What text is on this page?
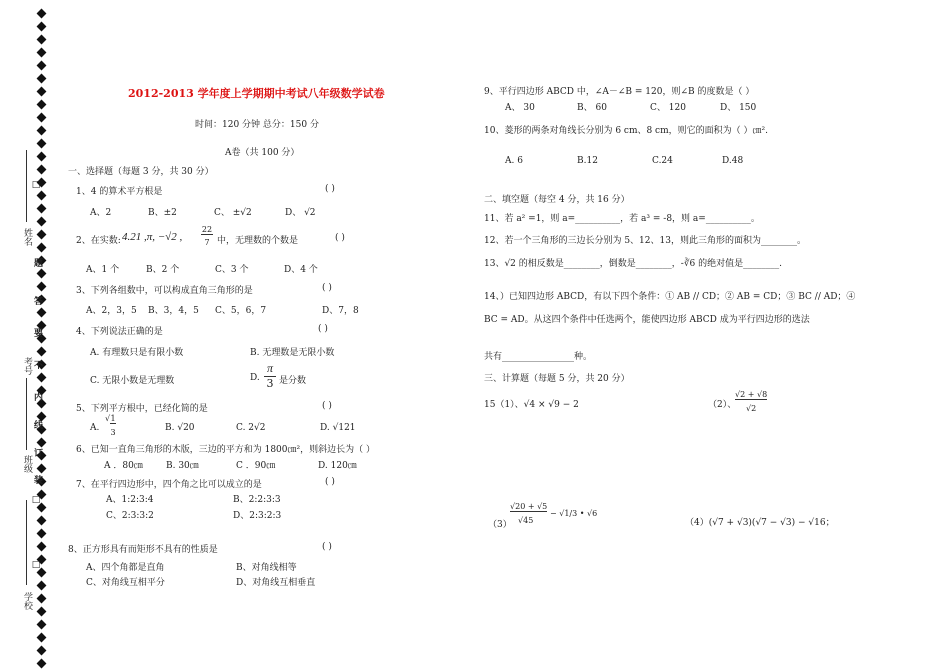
姓名
考号
班级
学校
□
□
□
题
答
要
不
内
线
订
装
2012-2013 学年度上学期期中考试八年级数学试卷
时间：120 分钟 总分：150 分
A卷（共 100 分）
一、选择题（每题 3 分，共 30 分）
1、4 的算术平方根是	( )
A、2	B、±2	C、 ±√2	D、 √2
2、在实数: 4.21 ,π, −√2 ,
22
7 中，无理数的个数是	( )
A、1 个	B、2 个	C、3 个	D、4 个
3、下列各组数中，可以构成直角三角形的是	( )
A、2，3，5 B、3，4，5 C、5，6，7	D、7，8
4、下列说法正确的是	( )
A. 有理数只是有限小数	B. 无理数是无限小数
C. 无限小数是无理数	D.
π
3 是分数
5、下列平方根中，已经化简的是	( )
A.
√ 1
3	B. √20	C. 2√2	D. √121
6、已知一直角三角形的木版，三边的平方和为 1800㎝²，则斜边长为（ ）
A ．80㎝	B. 30㎝	C ．90㎝	D. 120㎝
7、在平行四边形中，四个角之比可以成立的是	( )
A、1:2:3:4	B、2:2:3:3
C、2:3:3:2	D、2:3:2:3
8、正方形具有而矩形不具有的性质是	( )
A、四个角都是直角	B、对角线相等
C、对角线互相平分	D、对角线互相垂直
9、平行四边形 ABCD 中，∠A－∠B = 120，则∠B 的度数是（ ）
A、 30	B、 60	C、 120	D、 150
10、菱形的两条对角线长分别为 6 cm、8 cm，则它的面积为（ ）㎝².
A. 6	B.12	C.24	D.48
二、填空题（每空 4 分，共 16 分）
11、若 a² =1，则 a=__________，若 a³ = -8，则 a=__________。
12、若一个三角形的三边长分别为 5、12、13，则此三角形的面积为________。
13、√2 的相反数是________，倒数是________，-∛6 的绝对值是________.
14、）已知四边形 ABCD，有以下四个条件：① AB // CD；② AB = CD；③ BC // AD；④
BC = AD。从这四个条件中任选两个，能使四边形 ABCD 成为平行四边形的选法
共有________________种。
三、计算题（每题 5 分，共 20 分）
15（1）、√4 × √9 − 2	（2）、
√2 + √8
√2
（3）
√20 + √5
√45
− √1/3 • √6
（4）(√7 + √3)(√7 − √3) − √16；
